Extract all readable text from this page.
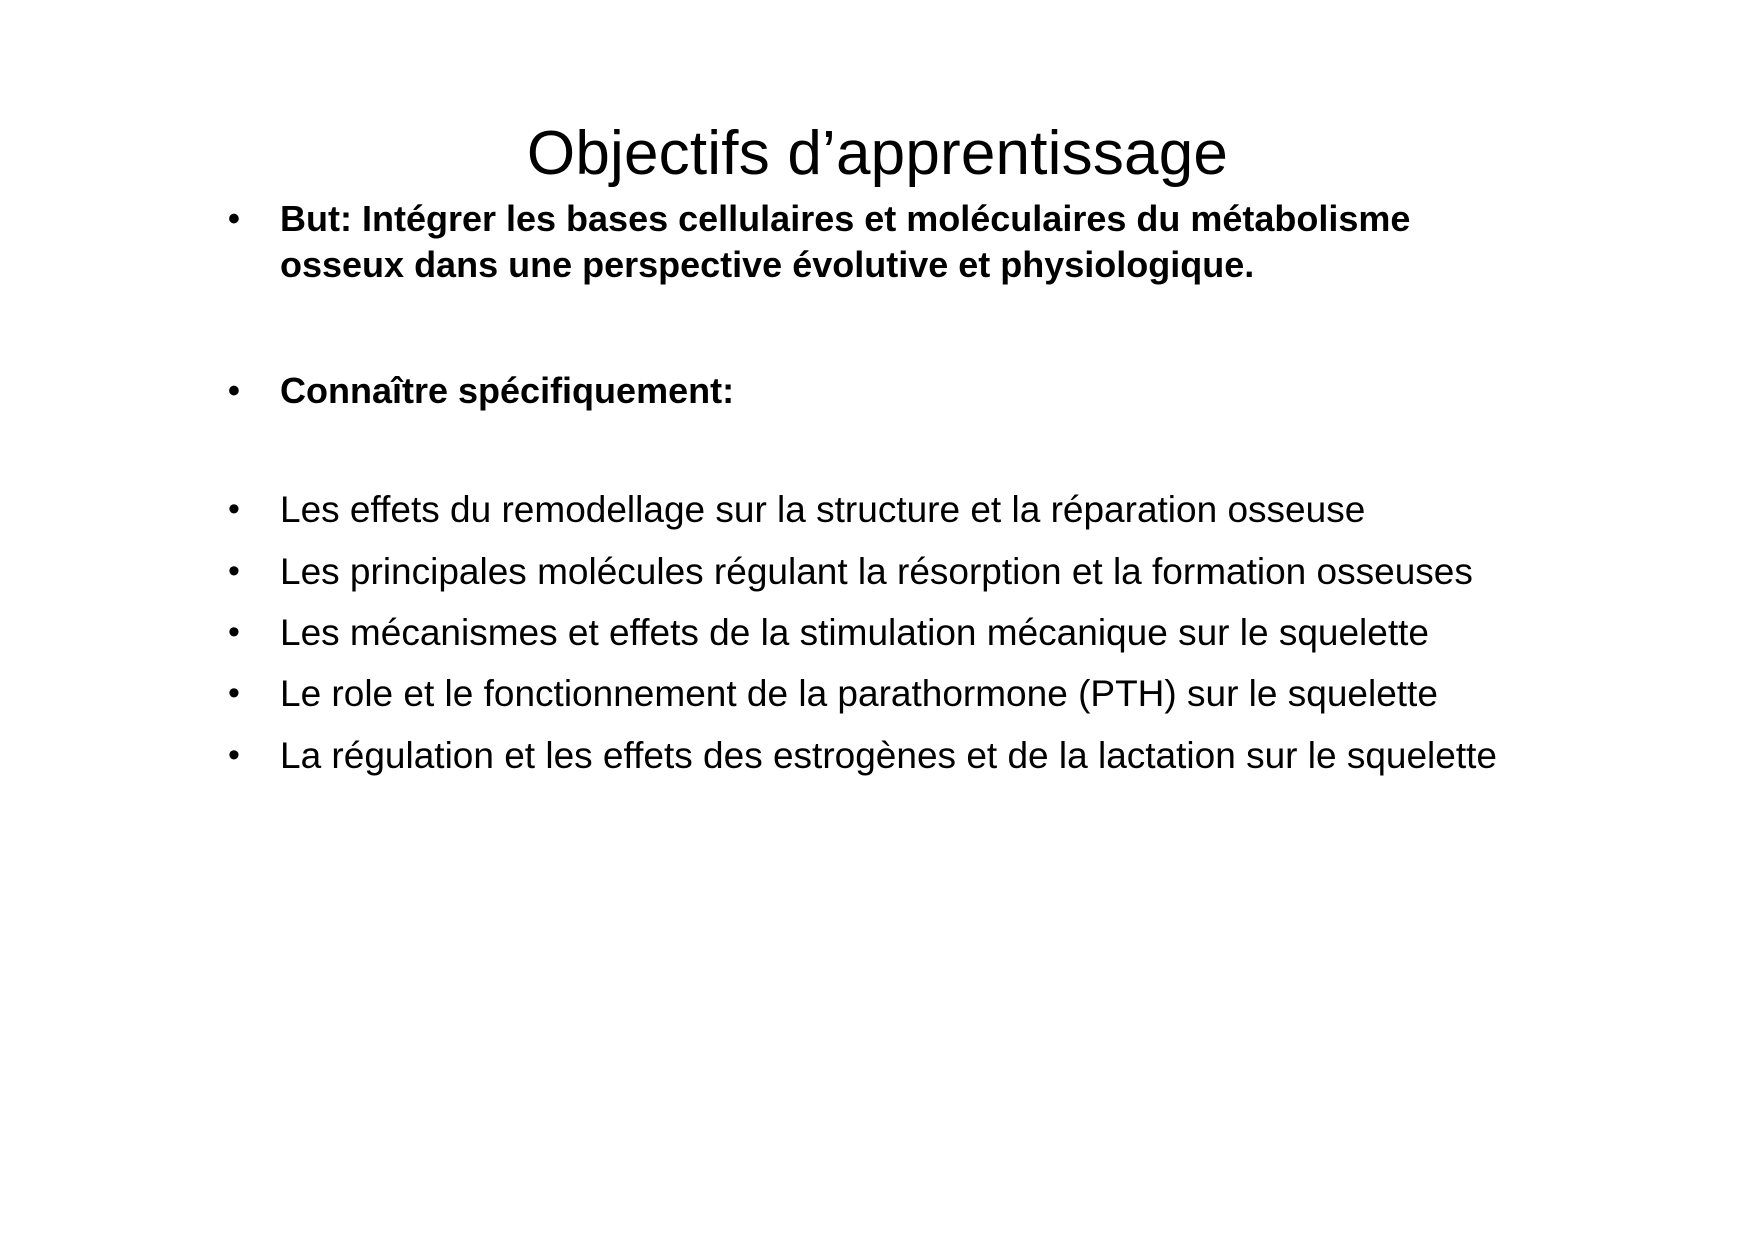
Objectifs d’apprentissage
•	But: Intégrer les bases cellulaires et moléculaires du métabolisme osseux dans une perspective évolutive et physiologique.
•	Connaître spécifiquement:
•	Les effets du remodellage sur la structure et la réparation osseuse
•	Les principales molécules régulant la résorption et la formation osseuses
•	Les mécanismes et effets de la stimulation mécanique sur le squelette
•	Le role et le fonctionnement de la parathormone (PTH) sur le squelette
•	La régulation et les effets des estrogènes et de la lactation sur le squelette
